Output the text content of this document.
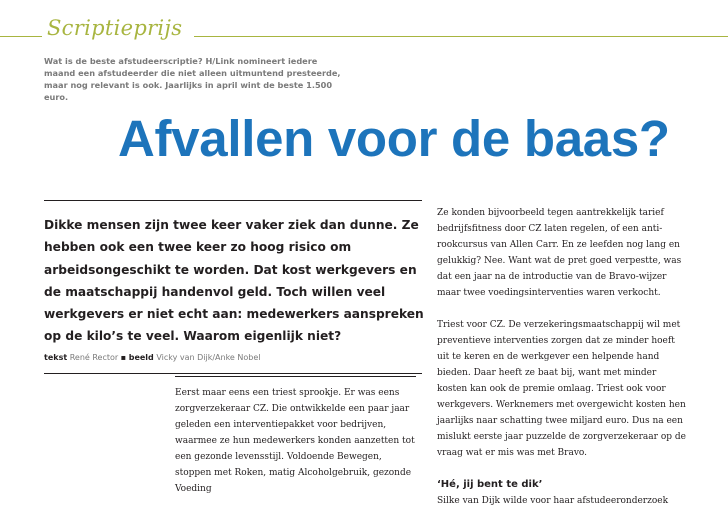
Scriptieprijs
Wat is de beste afstudeerscriptie? H/Link nomineert iedere maand een afstudeerder die niet alleen uitmuntend presteerde, maar nog relevant is ook. Jaarlijks in april wint de beste 1.500 euro.
Afvallen voor de baas?
Dikke mensen zijn twee keer vaker ziek dan dunne. Ze hebben ook een twee keer zo hoog risico om arbeidsongeschikt te worden. Dat kost werkgevers en de maatschappij handenvol geld. Toch willen veel werkgevers er niet echt aan: medewerkers aanspreken op de kilo’s te veel. Waarom eigenlijk niet?
tekst René Rector ▪ beeld Vicky van Dijk/Anke Nobel
Eerst maar eens een triest sprookje. Er was eens zorgverzekeraar CZ. Die ontwikkelde een paar jaar geleden een interventiepakket voor bedrijven, waarmee ze hun medewerkers konden aanzetten tot een gezonde levensstijl. Voldoende Bewegen, stoppen met Roken, matig Alcoholgebruik, gezonde Voeding

Ze konden bijvoorbeeld tegen aantrekkelijk tarief bedrijfsfitness door CZ laten regelen, of een anti-rookcursus van Allen Carr. En ze leefden nog lang en gelukkig? Nee. Want wat de pret goed verpestte, was dat een jaar na de introductie van de Bravo-wijzer maar twee voedingsinterventies waren verkocht.

Triest voor CZ. De verzekeringsmaatschappij wil met preventieve interventies zorgen dat ze minder hoeft uit te keren en de werkgever een helpende hand bieden. Daar heeft ze baat bij, want met minder kosten kan ook de premie omlaag. Triest ook voor werkgevers. Werknemers met overgewicht kosten hen jaarlijks naar schatting twee miljard euro. Dus na een mislukt eerste jaar puzzelde de zorgverzekeraar op de vraag wat er mis was met Bravo.

‘Hé, jij bent te dik’
Silke van Dijk wilde voor haar afstudeeronderzoek
